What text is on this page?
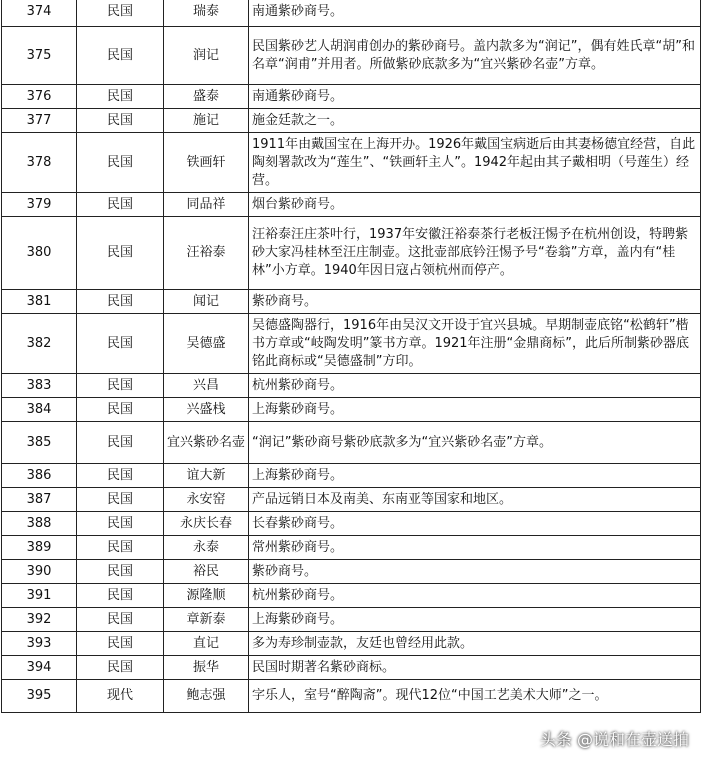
374	民国	瑞泰	南通紫砂商号。
375	民国	润记	民国紫砂艺人胡润甫创办的紫砂商号。盖内款多为“润记”，偶有姓氏章“胡”和名章“润甫”并用者。所做紫砂底款多为“宜兴紫砂名壶”方章。
376	民国	盛泰	南通紫砂商号。
377	民国	施记	施金廷款之一。
378	民国	铁画轩	1911年由戴国宝在上海开办。1926年戴国宝病逝后由其妻杨德宜经营，自此陶刻署款改为“莲生”、“铁画轩主人”。1942年起由其子戴相明（号莲生）经营。
379	民国	同品祥	烟台紫砂商号。
380	民国	汪裕泰	汪裕泰汪庄茶叶行，1937年安徽汪裕泰茶行老板汪惕予在杭州创设，特聘紫砂大家冯桂林至汪庄制壶。这批壶部底钤汪惕予号“卷翁”方章，盖内有“桂林”小方章。1940年因日寇占领杭州而停产。
381	民国	闻记	紫砂商号。
382	民国	吴德盛	吴德盛陶器行，1916年由吴汉文开设于宜兴县城。早期制壶底铭“松鹤轩”楷书方章或“岐陶发明”篆书方章。1921年注册“金鼎商标”，此后所制紫砂器底铭此商标或“吴德盛制”方印。
383	民国	兴昌	杭州紫砂商号。
384	民国	兴盛栈	上海紫砂商号。
385	民国	宜兴紫砂名壶	“润记”紫砂商号紫砂底款多为“宜兴紫砂名壶”方章。
386	民国	谊大新	上海紫砂商号。
387	民国	永安窑	产品远销日本及南美、东南亚等国家和地区。
388	民国	永庆长春	长春紫砂商号。
389	民国	永泰	常州紫砂商号。
390	民国	裕民	紫砂商号。
391	民国	源隆顺	杭州紫砂商号。
392	民国	章新泰	上海紫砂商号。
393	民国	直记	多为寿珍制壶款，友廷也曾经用此款。
394	民国	振华	民国时期著名紫砂商标。
395	现代	鲍志强	字乐人，室号“醉陶斋”。现代12位“中国工艺美术大师”之一。
头条 @说和在壶送拍
